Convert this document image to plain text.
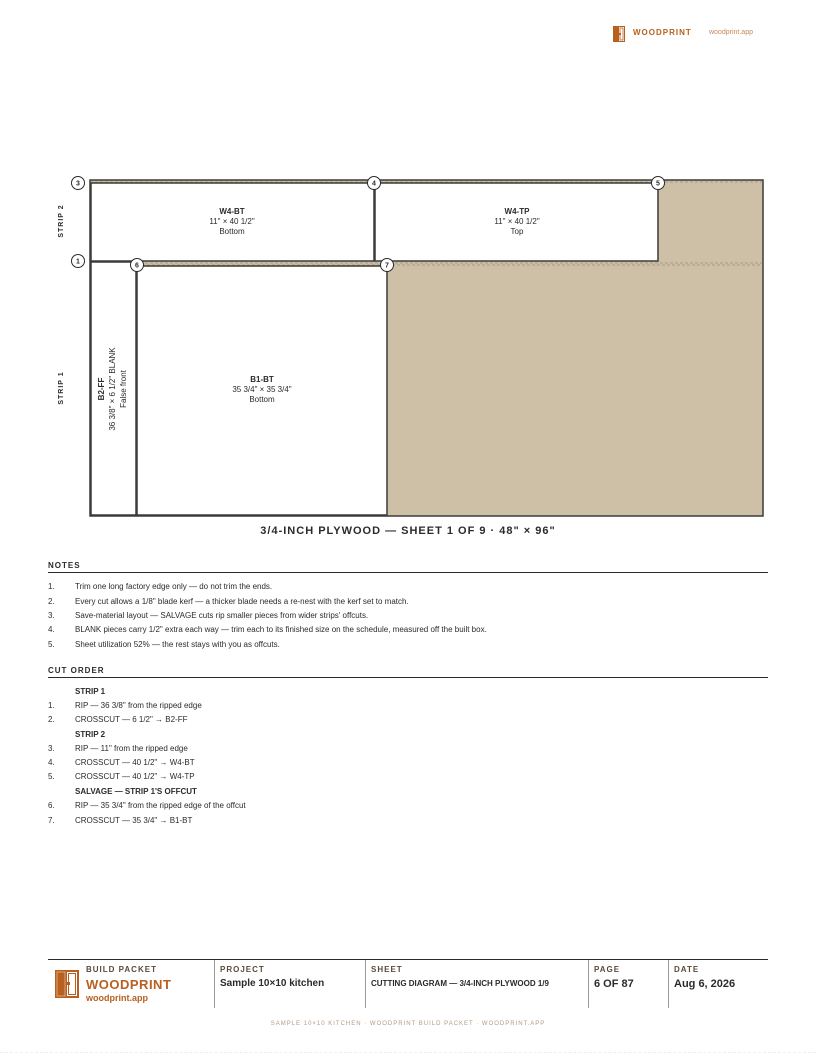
WOODPRINT woodprint.app
W4-BT
11" × 40 1/2"
Bottom
W4-TP
11" × 40 1/2"
Top
B1-BT
35 3/4" × 35 3/4"
Bottom
B2-FF 36 3/8" × 6 1/2" BLANK False front
STRIP 2
STRIP 1
1
3	4	5
6	7
3/4-INCH PLYWOOD — SHEET 1 OF 9 · 48" × 96"
NOTES
1.	Trim one long factory edge only — do not trim the ends.
2.	Every cut allows a 1/8" blade kerf — a thicker blade needs a re-nest with the kerf set to match.
3.	Save-material layout — SALVAGE cuts rip smaller pieces from wider strips' offcuts.
4.	BLANK pieces carry 1/2" extra each way — trim each to its finished size on the schedule, measured off the built box.
5.	Sheet utilization 52% — the rest stays with you as offcuts.
CUT ORDER
STRIP 1
1.	RIP — 36 3/8" from the ripped edge
2.	CROSSCUT — 6 1/2" → B2-FF
STRIP 2
3.	RIP — 11" from the ripped edge
4.	CROSSCUT — 40 1/2" → W4-BT
5.	CROSSCUT — 40 1/2" → W4-TP
SALVAGE — STRIP 1'S OFFCUT
6.	RIP — 35 3/4" from the ripped edge of the offcut
7.	CROSSCUT — 35 3/4" → B1-BT
BUILD PACKET
WOODPRINT
woodprint.app
PROJECT
Sample 10×10 kitchen
SHEET
CUTTING DIAGRAM — 3/4-INCH PLYWOOD 1/9
PAGE
6 OF 87
DATE
Aug 6, 2026
SAMPLE 10×10 KITCHEN · WOODPRINT BUILD PACKET · WOODPRINT.APP
